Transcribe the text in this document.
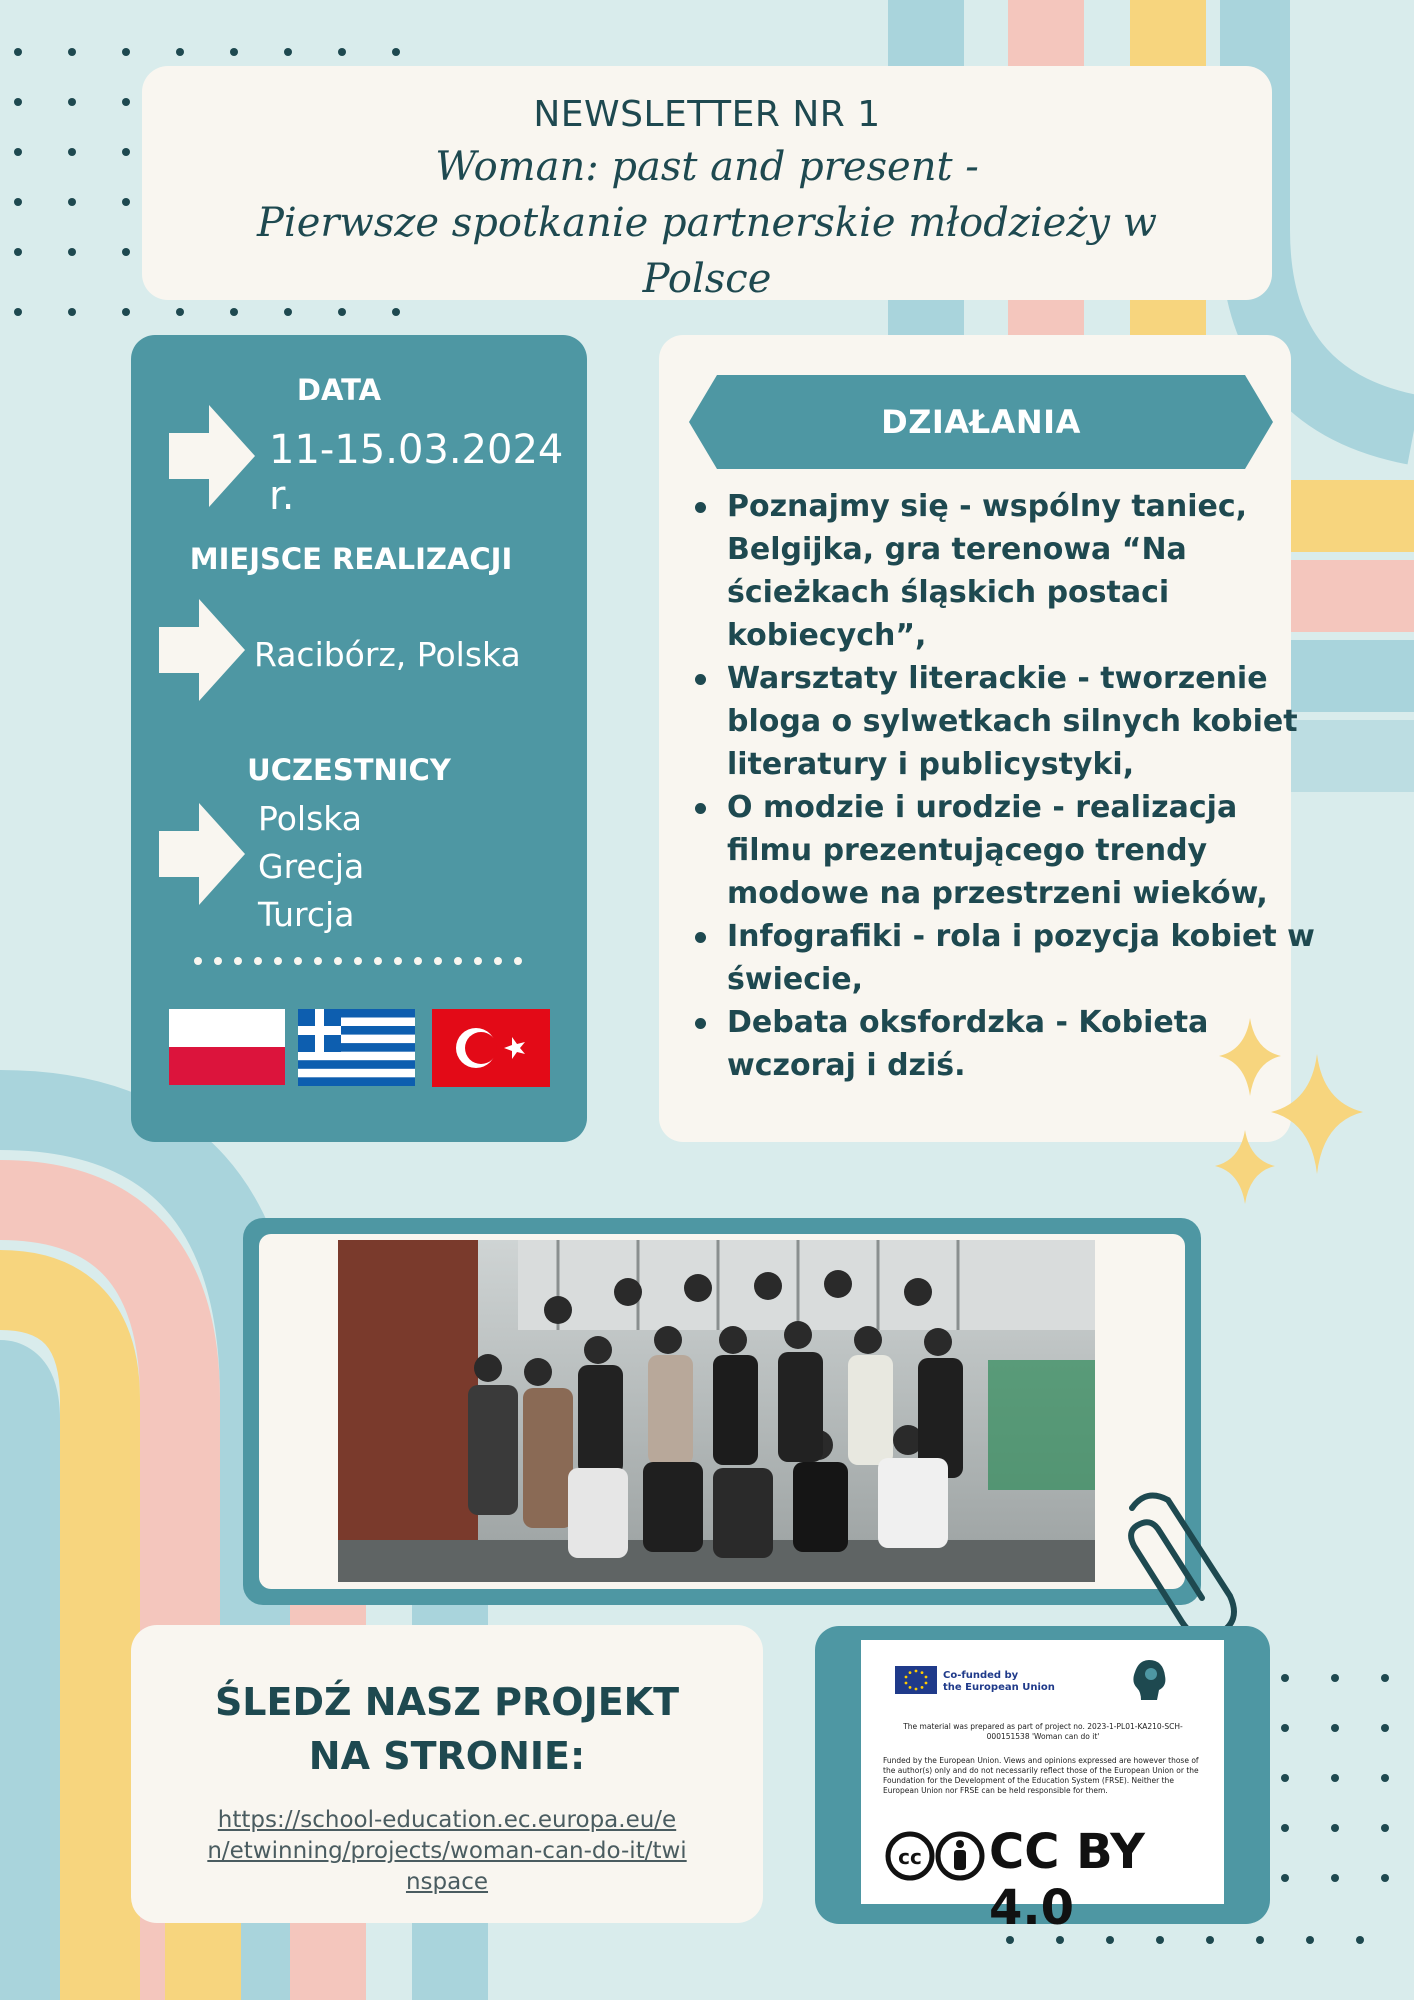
NEWSLETTER NR 1
Woman: past and present -
Pierwsze spotkanie partnerskie młodzieży w
Polsce
DATA
11-15.03.2024 r.
MIEJSCE REALIZACJI
Racibórz, Polska
UCZESTNICY
Polska
Grecja
Turcja
DZIAŁANIA
Poznajmy się - wspólny taniec, Belgijka, gra terenowa “Na ścieżkach śląskich postaci kobiecych”,
Warsztaty literackie - tworzenie bloga o sylwetkach silnych kobiet literatury i publicystyki,
O modzie i urodzie - realizacja filmu prezentującego trendy modowe na przestrzeni wieków,
Infografiki - rola i pozycja kobiet w świecie,
Debata oksfordzka - Kobieta wczoraj i dziś.
ŚLEDŹ NASZ PROJEKT
NA STRONIE:
https://school-education.ec.europa.eu/en/etwinning/projects/woman-can-do-it/twinspace
Co-funded by
the European Union
The material was prepared as part of project no. 2023-1-PL01-KA210-SCH-000151538 'Woman can do it'
Funded by the European Union. Views and opinions expressed are however those of the author(s) only and do not necessarily reflect those of the European Union or the Foundation for the Development of the Education System (FRSE). Neither the European Union nor FRSE can be held responsible for them.
cc CC BY 4.0
